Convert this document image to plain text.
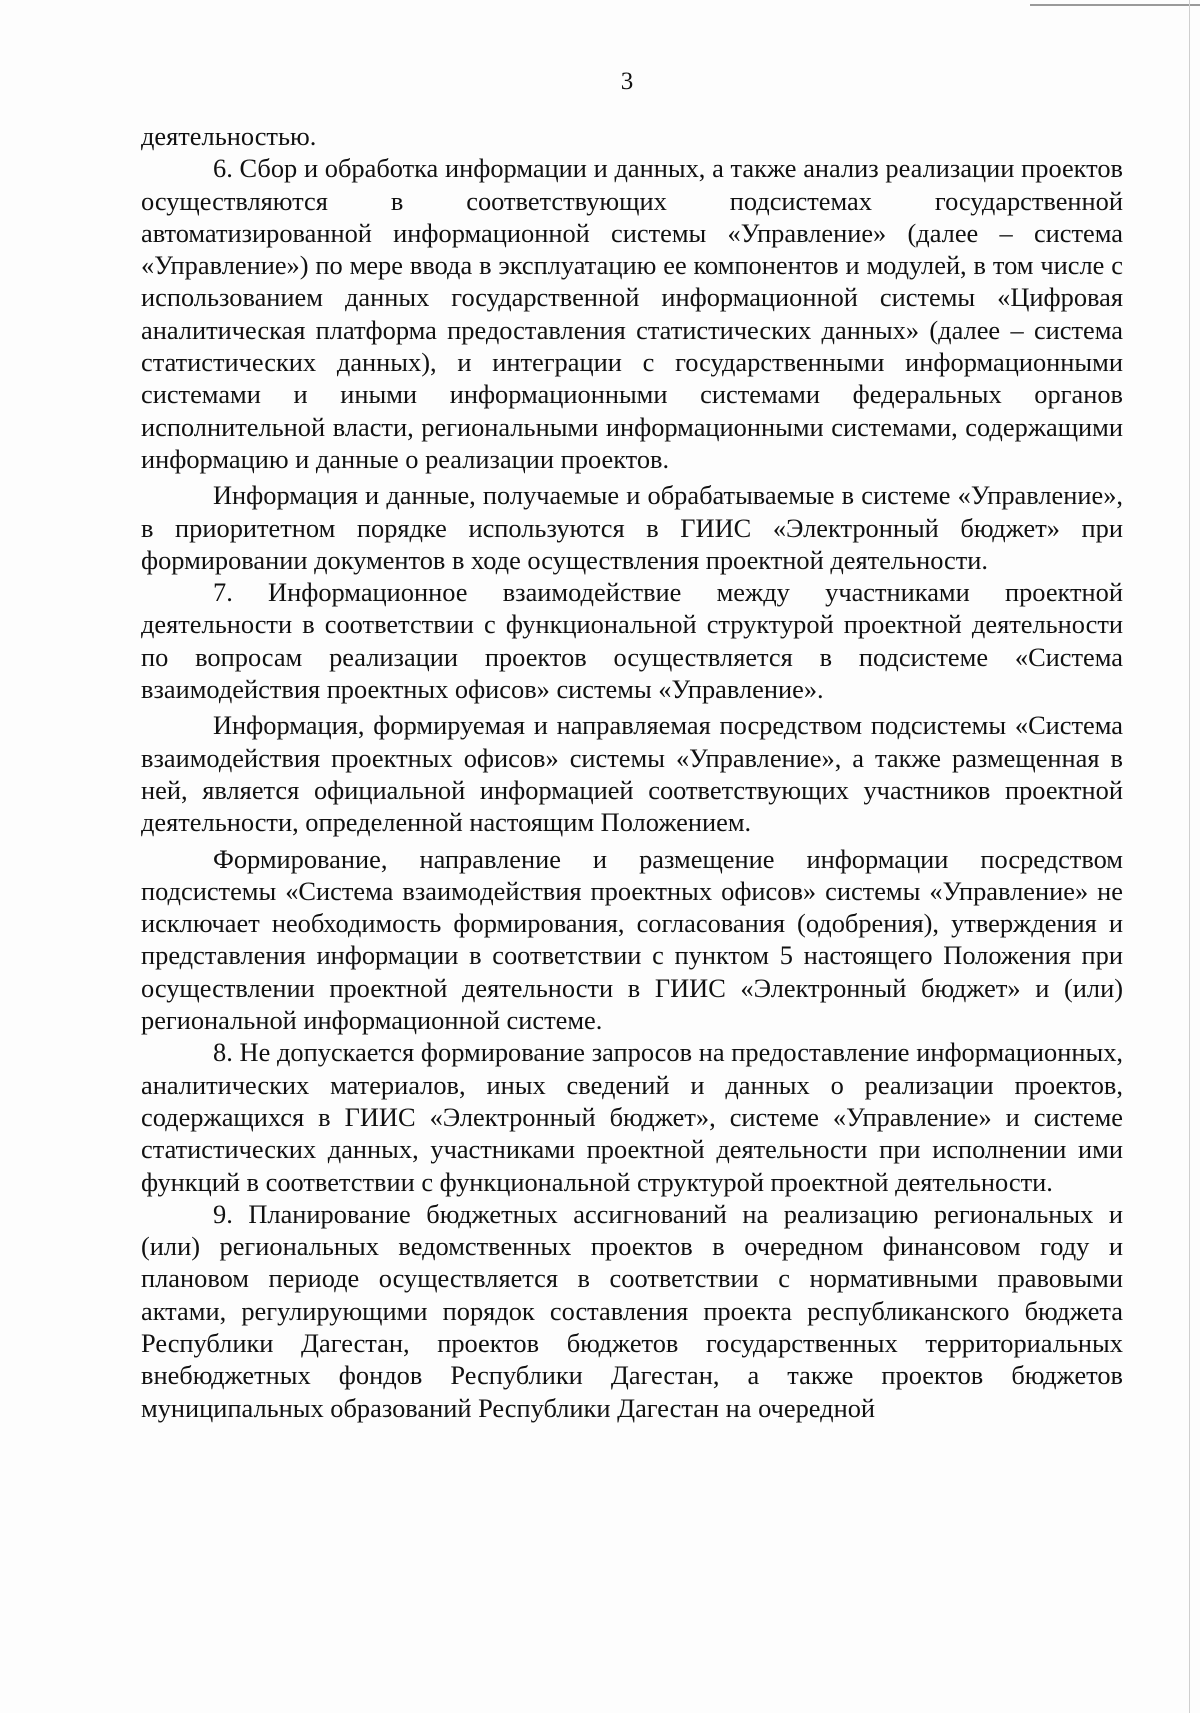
3

деятельностью.

6. Сбор и обработка информации и данных, а также анализ реализации проектов осуществляются в соответствующих подсистемах государственной автоматизированной информационной системы «Управление» (далее – система «Управление») по мере ввода в эксплуатацию ее компонентов и модулей, в том числе с использованием данных государственной информационной системы «Цифровая аналитическая платформа предоставления статистических данных» (далее – система статистических данных), и интеграции с государственными информационными системами и иными информационными системами федеральных органов исполнительной власти, региональными информационными системами, содержащими информацию и данные о реализации проектов.

Информация и данные, получаемые и обрабатываемые в системе «Управление», в приоритетном порядке используются в ГИИС «Электронный бюджет» при формировании документов в ходе осуществления проектной деятельности.

7. Информационное взаимодействие между участниками проектной деятельности в соответствии с функциональной структурой проектной деятельности по вопросам реализации проектов осуществляется в подсистеме «Система взаимодействия проектных офисов» системы «Управление».

Информация, формируемая и направляемая посредством подсистемы «Система взаимодействия проектных офисов» системы «Управление», а также размещенная в ней, является официальной информацией соответствующих участников проектной деятельности, определенной настоящим Положением.

Формирование, направление и размещение информации посредством подсистемы «Система взаимодействия проектных офисов» системы «Управление» не исключает необходимость формирования, согласования (одобрения), утверждения и представления информации в соответствии с пунктом 5 настоящего Положения при осуществлении проектной деятельности в ГИИС «Электронный бюджет» и (или) региональной информационной системе.

8. Не допускается формирование запросов на предоставление информационных, аналитических материалов, иных сведений и данных о реализации проектов, содержащихся в ГИИС «Электронный бюджет», системе «Управление» и системе статистических данных, участниками проектной деятельности при исполнении ими функций в соответствии с функциональной структурой проектной деятельности.

9. Планирование бюджетных ассигнований на реализацию региональных и (или) региональных ведомственных проектов в очередном финансовом году и плановом периоде осуществляется в соответствии с нормативными правовыми актами, регулирующими порядок составления проекта республиканского бюджета Республики Дагестан, проектов бюджетов государственных территориальных внебюджетных фондов Республики Дагестан, а также проектов бюджетов муниципальных образований Республики Дагестан на очередной
